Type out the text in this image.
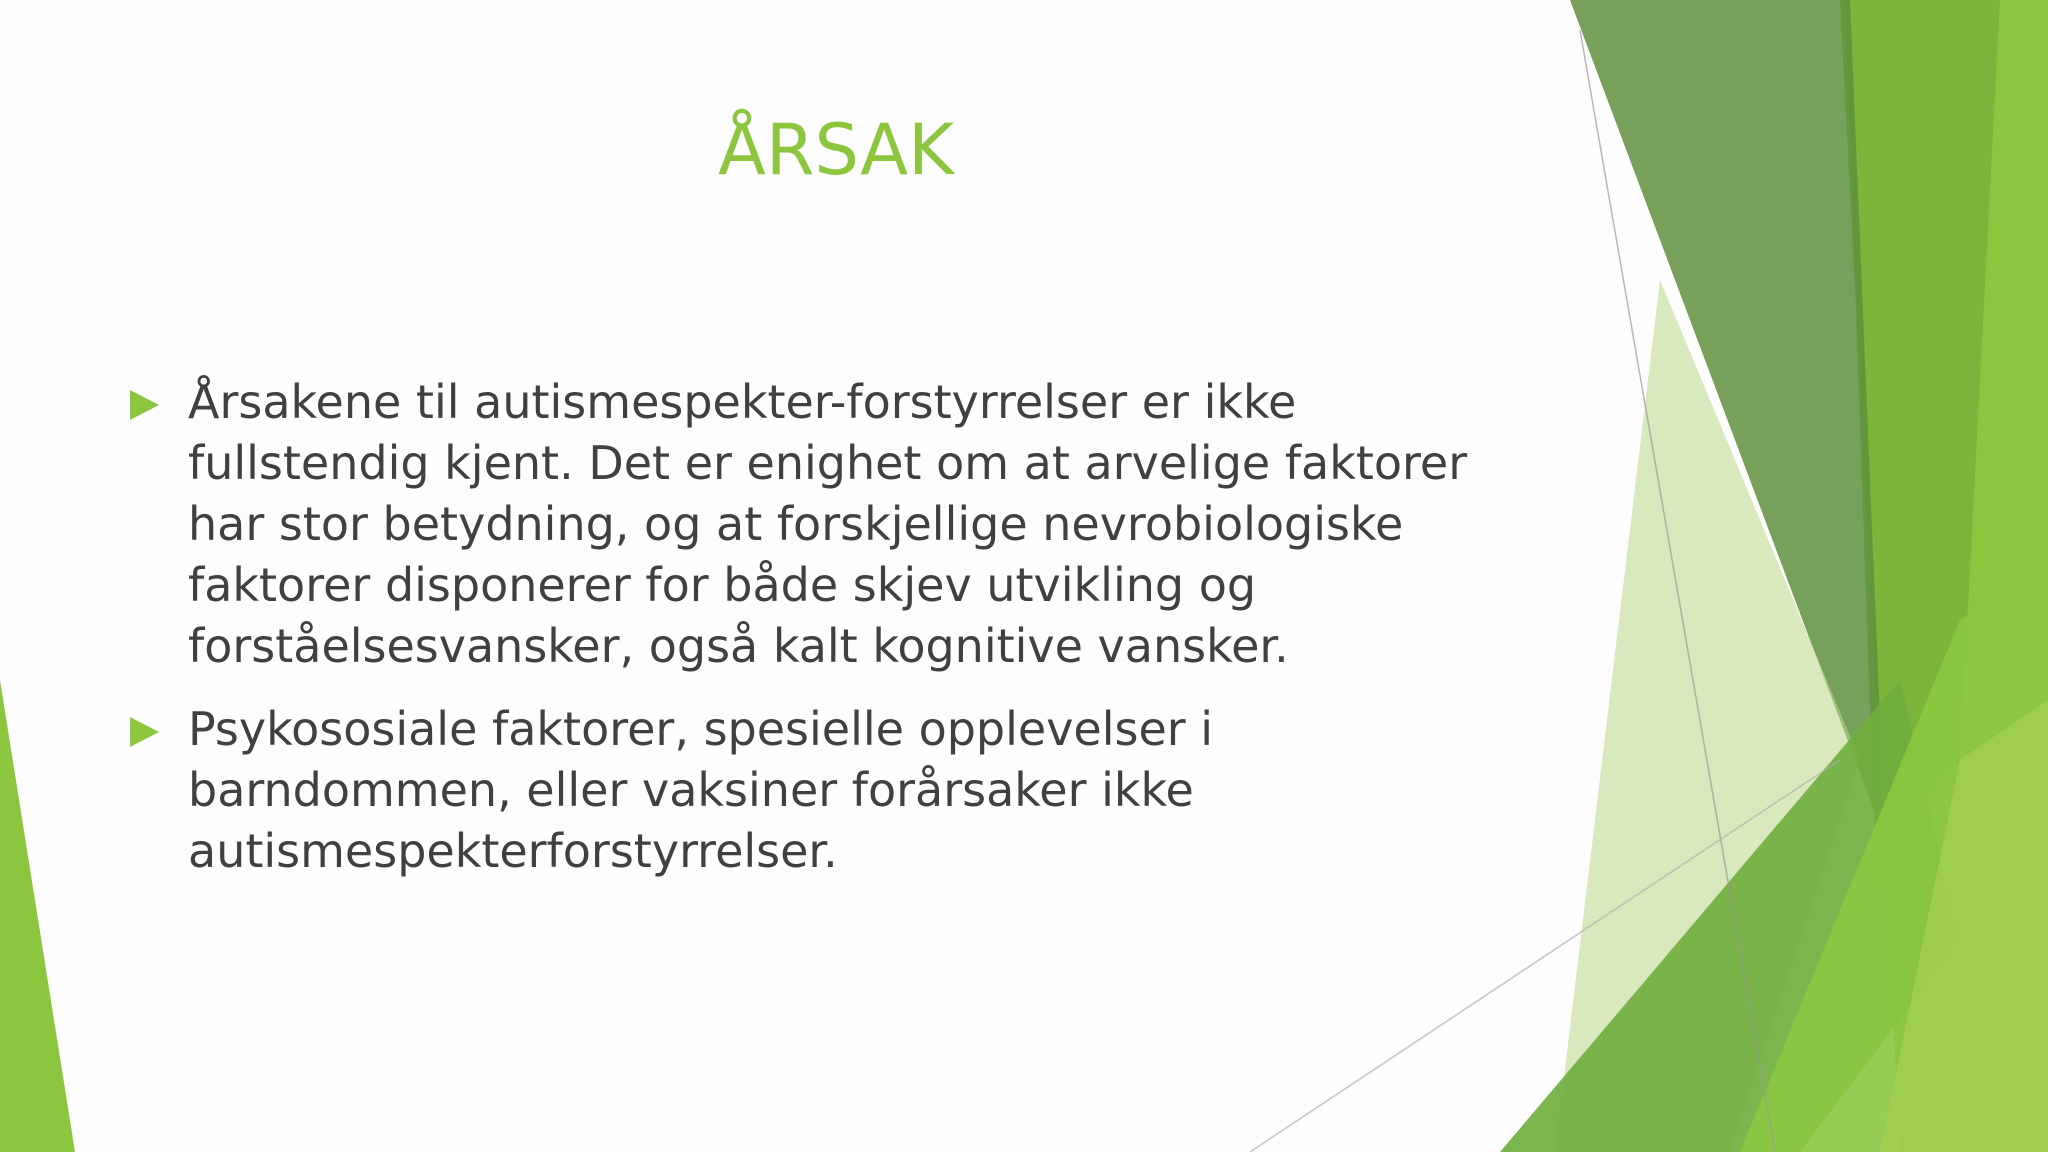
ÅRSAK
Årsakene til autismespekter-forstyrrelser er ikke fullstendig kjent. Det er enighet om at arvelige faktorer har stor betydning, og at forskjellige nevrobiologiske faktorer disponerer for både skjev utvikling og forståelsesvansker, også kalt kognitive vansker.
Psykososiale faktorer, spesielle opplevelser i barndommen, eller vaksiner forårsaker ikke autismespekterforstyrrelser.
